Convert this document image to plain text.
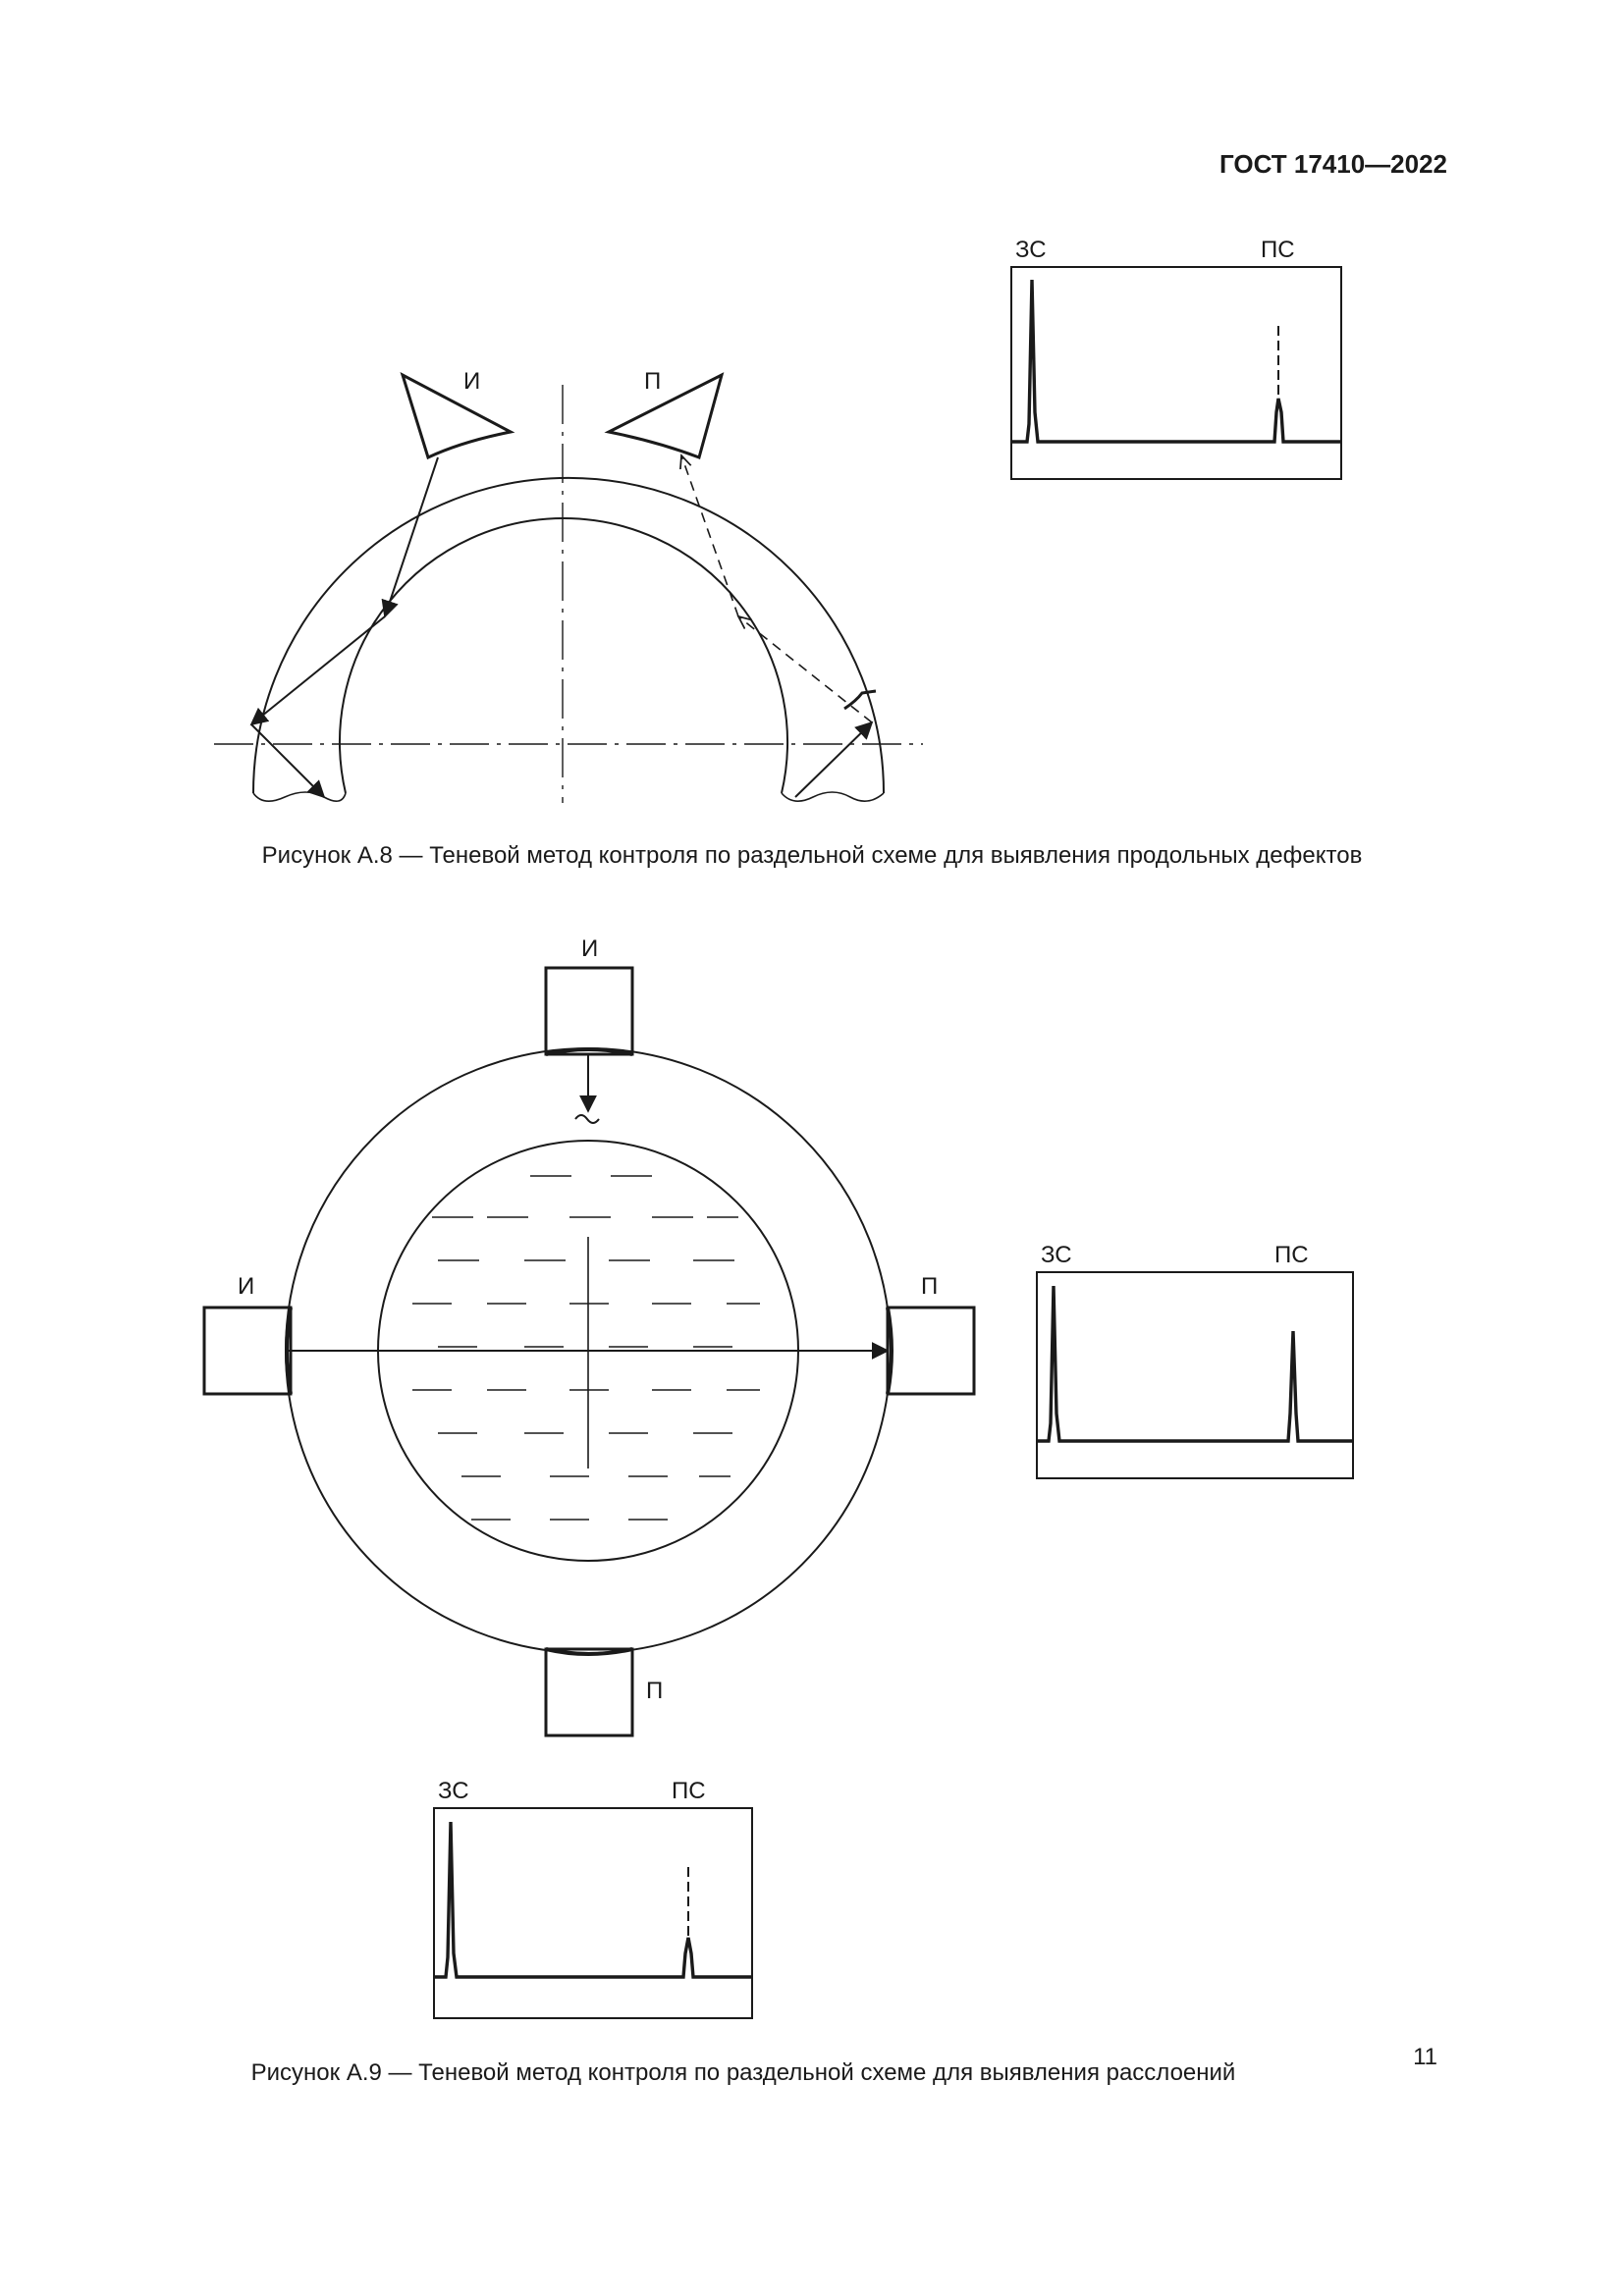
ГОСТ 17410—2022
И	П
ЗС	ПС
И
И	П
П
ЗС	ПС
ЗС	ПС
Рисунок А.8 — Теневой метод контроля по раздельной схеме для выявления продольных дефектов
Рисунок А.9 — Теневой метод контроля по раздельной схеме для выявления расслоений
11
